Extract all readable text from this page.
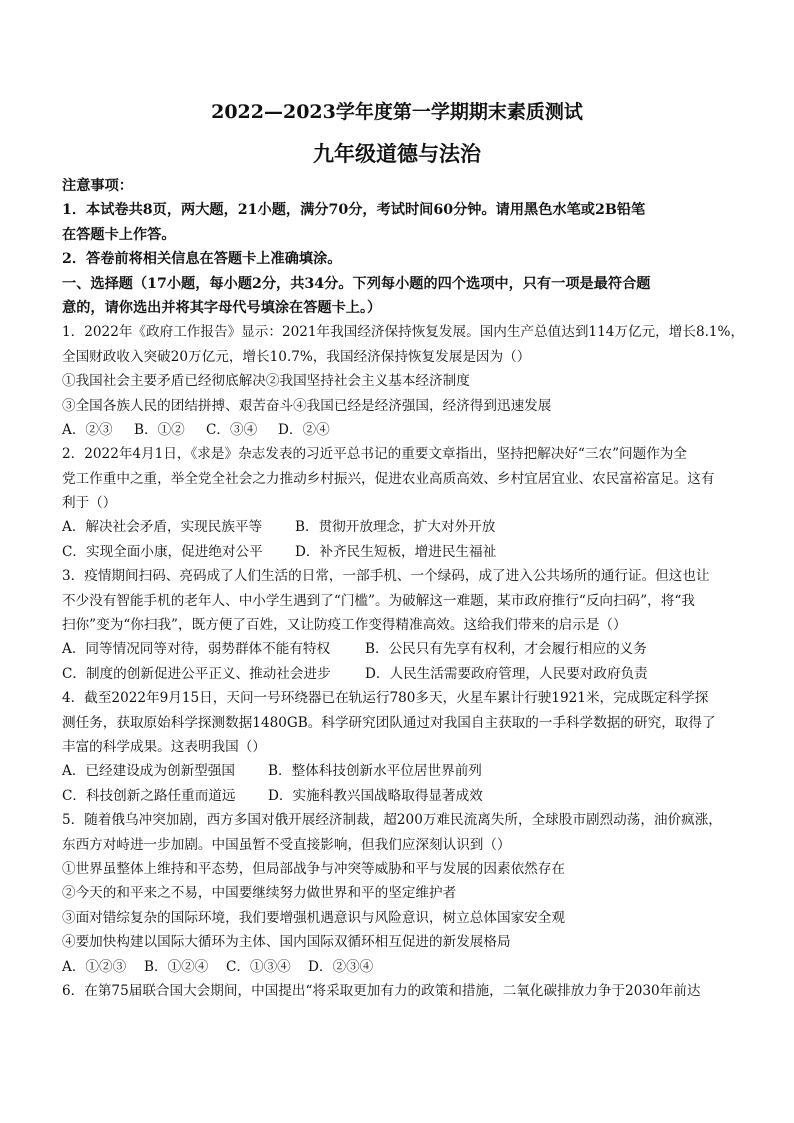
2022—2023学年度第一学期期末素质测试
九年级道德与法治
注意事项：
1．本试卷共8页，两大题，21小题，满分70分，考试时间60分钟。请用黑色水笔或2B铅笔
在答题卡上作答。
2．答卷前将相关信息在答题卡上准确填涂。
一、选择题（17小题，每小题2分，共34分。下列每小题的四个选项中，只有一项是最符合题
意的，请你选出并将其字母代号填涂在答题卡上。）
1．2022年《政府工作报告》显示：2021年我国经济保持恢复发展。国内生产总值达到114万亿元，增长8.1%，
全国财政收入突破20万亿元，增长10.7%，我国经济保持恢复发展是因为（）
①我国社会主要矛盾已经彻底解决②我国坚持社会主义基本经济制度
③全国各族人民的团结拼搏、艰苦奋斗④我国已经是经济强国，经济得到迅速发展
A．②③ B．①② C．③④ D．②④
2．2022年4月1日，《求是》杂志发表的习近平总书记的重要文章指出，坚持把解决好“三农”问题作为全
党工作重中之重，举全党全社会之力推动乡村振兴，促进农业高质高效、乡村宜居宜业、农民富裕富足。这有
利于（）
A．解决社会矛盾，实现民族平等 B．贯彻开放理念，扩大对外开放
C．实现全面小康，促进绝对公平 D．补齐民生短板，增进民生福祉
3．疫情期间扫码、亮码成了人们生活的日常，一部手机、一个绿码，成了进入公共场所的通行证。但这也让
不少没有智能手机的老年人、中小学生遇到了“门槛”。为破解这一难题，某市政府推行“反向扫码”，将“我
扫你”变为“你扫我”，既方便了百姓，又让防疫工作变得精准高效。这给我们带来的启示是（）
A．同等情况同等对待，弱势群体不能有特权	B．公民只有先享有权利，才会履行相应的义务
C．制度的创新促进公平正义、推动社会进步	D．人民生活需要政府管理，人民要对政府负责
4．截至2022年9月15日，天问一号环绕器已在轨运行780多天，火星车累计行驶1921米，完成既定科学探
测任务，获取原始科学探测数据1480GB。科学研究团队通过对我国自主获取的一手科学数据的研究，取得了
丰富的科学成果。这表明我国（）
A．已经建设成为创新型强国 B．整体科技创新水平位居世界前列
C．科技创新之路任重而道远 D．实施科教兴国战略取得显著成效
5．随着俄乌冲突加剧，西方多国对俄开展经济制裁，超200万难民流离失所，全球股市剧烈动荡，油价疯涨，
东西方对峙进一步加剧。中国虽暂不受直接影响，但我们应深刻认识到（）
①世界虽整体上维持和平态势，但局部战争与冲突等威胁和平与发展的因素依然存在
②今天的和平来之不易，中国要继续努力做世界和平的坚定维护者
③面对错综复杂的国际环境，我们要增强机遇意识与风险意识，树立总体国家安全观
④要加快构建以国际大循环为主体、国内国际双循环相互促进的新发展格局
A．①②③ B．①②④ C．①③④ D．②③④
6．在第75届联合国大会期间，中国提出“将采取更加有力的政策和措施，二氧化碳排放力争于2030年前达
